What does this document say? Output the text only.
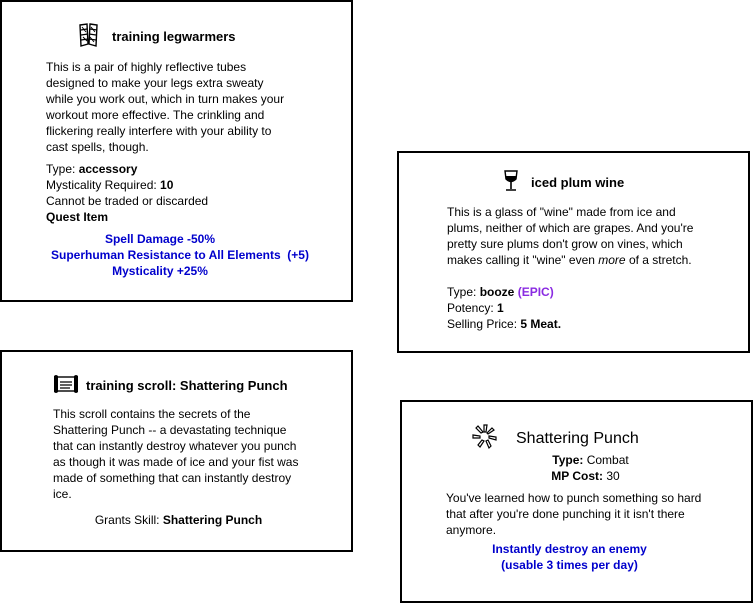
training legwarmers
This is a pair of highly reflective tubes
designed to make your legs extra sweaty
while you work out, which in turn makes your
workout more effective. The crinkling and
flickering really interfere with your ability to
cast spells, though.
Type: accessory
Mysticality Required: 10
Cannot be traded or discarded
Quest Item
Spell Damage -50%
Superhuman Resistance to All Elements (+5)
Mysticality +25%
iced plum wine
This is a glass of "wine" made from ice and
plums, neither of which are grapes. And you're
pretty sure plums don't grow on vines, which
makes calling it "wine" even more of a stretch.
Type: booze (EPIC)
Potency: 1
Selling Price: 5 Meat.
training scroll: Shattering Punch
This scroll contains the secrets of the
Shattering Punch -- a devastating technique
that can instantly destroy whatever you punch
as though it was made of ice and your fist was
made of something that can instantly destroy
ice.
Grants Skill: Shattering Punch
Shattering Punch
Type: Combat
MP Cost: 30
You've learned how to punch something so hard
that after you're done punching it it isn't there
anymore.
Instantly destroy an enemy
(usable 3 times per day)
